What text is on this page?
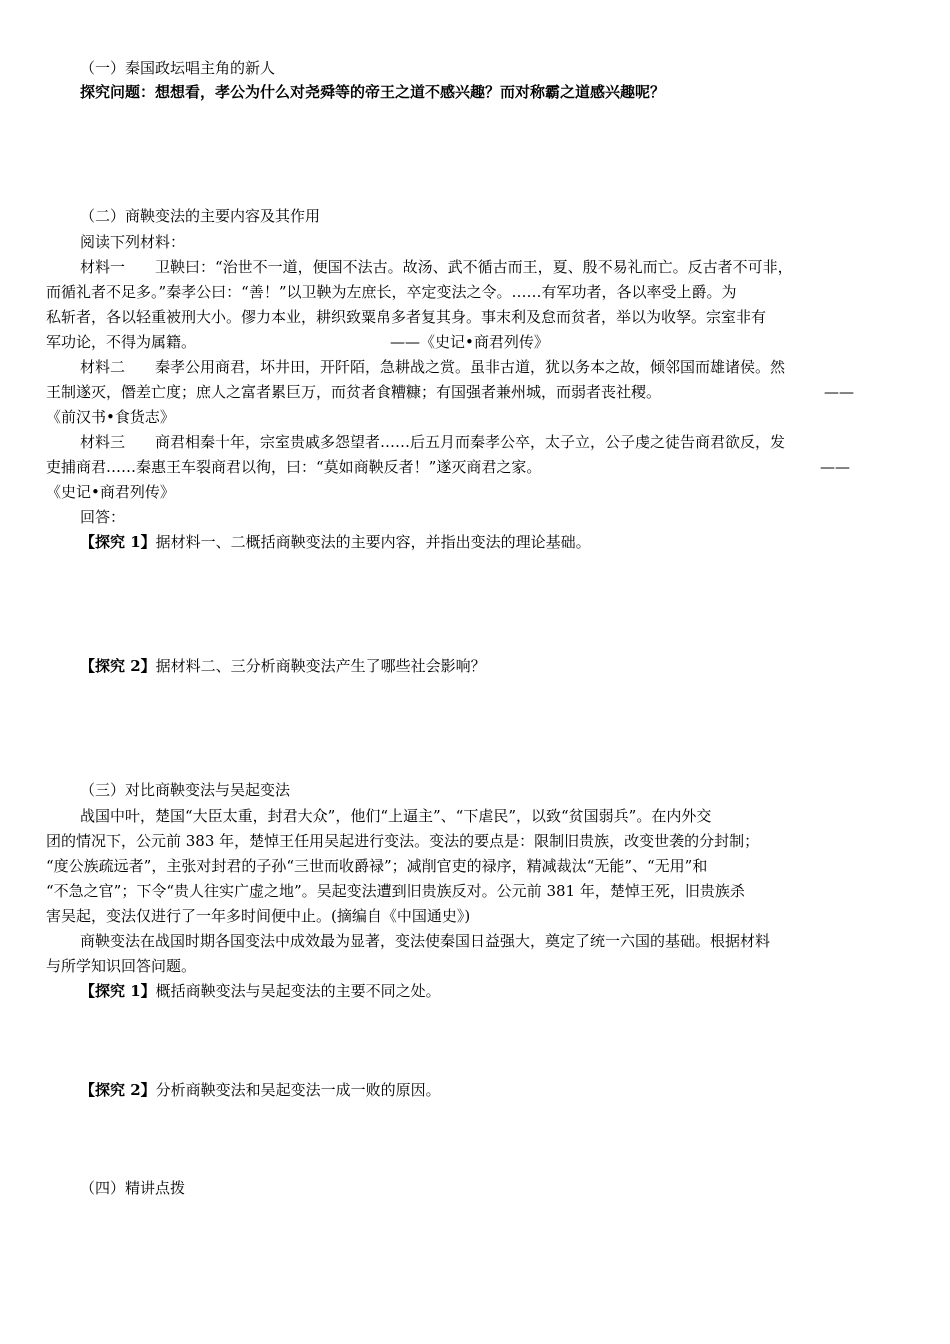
（一）秦国政坛唱主角的新人
探究问题：想想看，孝公为什么对尧舜等的帝王之道不感兴趣？而对称霸之道感兴趣呢？
（二）商鞅变法的主要内容及其作用
阅读下列材料：
材料一　　卫鞅曰：“治世不一道，便国不法古。故汤、武不循古而王，夏、殷不易礼而亡。反古者不可非，
而循礼者不足多。”秦孝公曰：“善！”以卫鞅为左庶长，卒定变法之令。……有军功者，各以率受上爵。为
私斩者，各以轻重被刑大小。僇力本业，耕织致粟帛多者复其身。事末利及怠而贫者，举以为收孥。宗室非有
军功论，不得为属籍。	——《史记•商君列传》
材料二　　秦孝公用商君，坏井田，开阡陌，急耕战之赏。虽非古道，犹以务本之故，倾邻国而雄诸侯。然
王制遂灭，僭差亡度；庶人之富者累巨万，而贫者食糟糠；有国强者兼州城，而弱者丧社稷。	——
《前汉书•食货志》
材料三　　商君相秦十年，宗室贵戚多怨望者……后五月而秦孝公卒，太子立，公子虔之徒告商君欲反，发
吏捕商君……秦惠王车裂商君以徇，曰：“莫如商鞅反者！”遂灭商君之家。	——
《史记•商君列传》
回答：
【探究 1】据材料一、二概括商鞅变法的主要内容，并指出变法的理论基础。
【探究 2】据材料二、三分析商鞅变法产生了哪些社会影响？
（三）对比商鞅变法与吴起变法
战国中叶，楚国“大臣太重，封君大众”，他们“上逼主”、“下虐民”，以致“贫国弱兵”。在内外交
团的情况下，公元前 383 年，楚悼王任用吴起进行变法。变法的要点是：限制旧贵族，改变世袭的分封制；
“度公族疏远者”，主张对封君的子孙“三世而收爵禄”；减削官吏的禄序，精减裁汰“无能”、“无用”和
“不急之官”；下令“贵人往实广虚之地”。吴起变法遭到旧贵族反对。公元前 381 年，楚悼王死，旧贵族杀
害吴起，变法仅进行了一年多时间便中止。(摘编自《中国通史》)
商鞅变法在战国时期各国变法中成效最为显著，变法使秦国日益强大，奠定了统一六国的基础。根据材料
与所学知识回答问题。
【探究 1】概括商鞅变法与吴起变法的主要不同之处。
【探究 2】分析商鞅变法和吴起变法一成一败的原因。
（四）精讲点拨
